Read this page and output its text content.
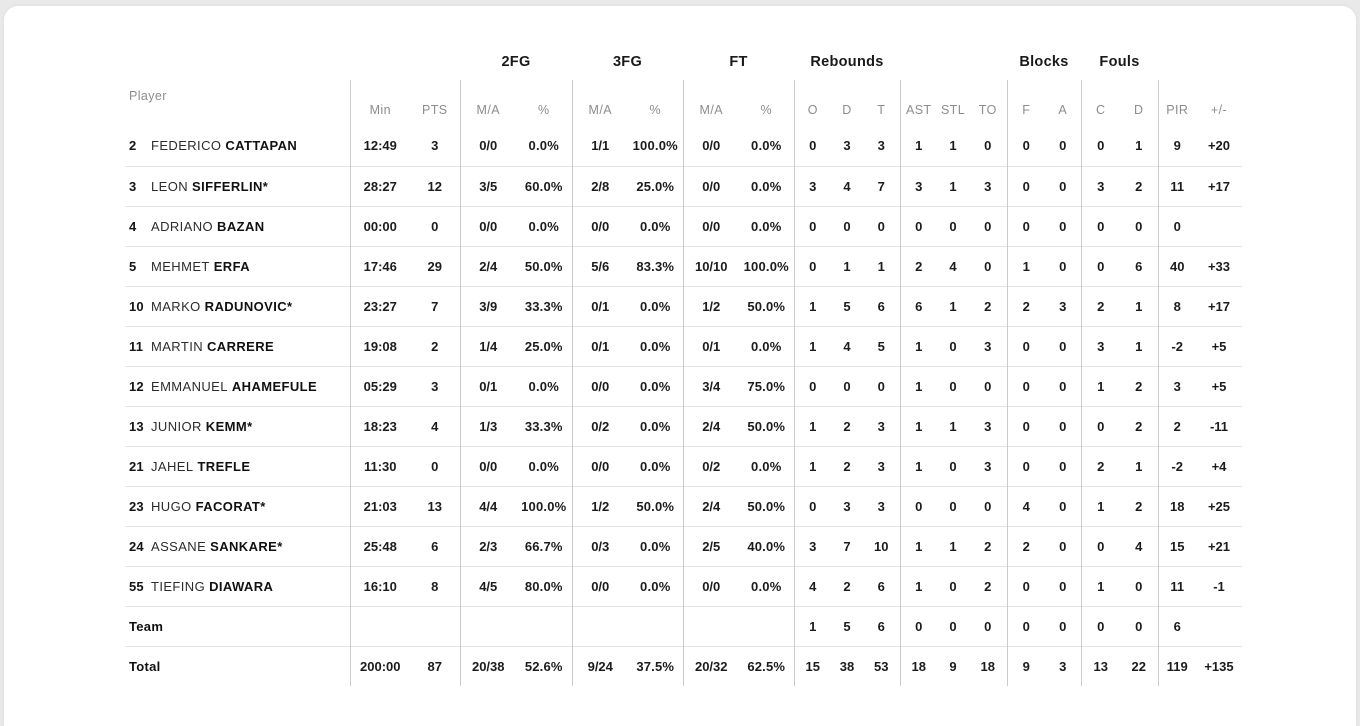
			2FG		3FG		FT		Rebounds						Blocks		Fouls			
Player	Min	PTS	M/A	%	M/A	%	M/A	%	O	D	T	AST	STL	TO	F	A	C	D	PIR	+/-
2 FEDERICO CATTAPAN	12:49	3	0/0	0.0%	1/1	100.0%	0/0	0.0%	0	3	3	1	1	0	0	0	0	1	9	+20
3 LEON SIFFERLIN*	28:27	12	3/5	60.0%	2/8	25.0%	0/0	0.0%	3	4	7	3	1	3	0	0	3	2	11	+17
4 ADRIANO BAZAN	00:00	0	0/0	0.0%	0/0	0.0%	0/0	0.0%	0	0	0	0	0	0	0	0	0	0	0	
5 MEHMET ERFA	17:46	29	2/4	50.0%	5/6	83.3%	10/10	100.0%	0	1	1	2	4	0	1	0	0	6	40	+33
10 MARKO RADUNOVIC*	23:27	7	3/9	33.3%	0/1	0.0%	1/2	50.0%	1	5	6	6	1	2	2	3	2	1	8	+17
11 MARTIN CARRERE	19:08	2	1/4	25.0%	0/1	0.0%	0/1	0.0%	1	4	5	1	0	3	0	0	3	1	-2	+5
12 EMMANUEL AHAMEFULE	05:29	3	0/1	0.0%	0/0	0.0%	3/4	75.0%	0	0	0	1	0	0	0	0	1	2	3	+5
13 JUNIOR KEMM*	18:23	4	1/3	33.3%	0/2	0.0%	2/4	50.0%	1	2	3	1	1	3	0	0	0	2	2	-11
21 JAHEL TREFLE	11:30	0	0/0	0.0%	0/0	0.0%	0/2	0.0%	1	2	3	1	0	3	0	0	2	1	-2	+4
23 HUGO FACORAT*	21:03	13	4/4	100.0%	1/2	50.0%	2/4	50.0%	0	3	3	0	0	0	4	0	1	2	18	+25
24 ASSANE SANKARE*	25:48	6	2/3	66.7%	0/3	0.0%	2/5	40.0%	3	7	10	1	1	2	2	0	0	4	15	+21
55 TIEFING DIAWARA	16:10	8	4/5	80.0%	0/0	0.0%	0/0	0.0%	4	2	6	1	0	2	0	0	1	0	11	-1
Team									1	5	6	0	0	0	0	0	0	0	6	
Total	200:00	87	20/38	52.6%	9/24	37.5%	20/32	62.5%	15	38	53	18	9	18	9	3	13	22	119	+135
